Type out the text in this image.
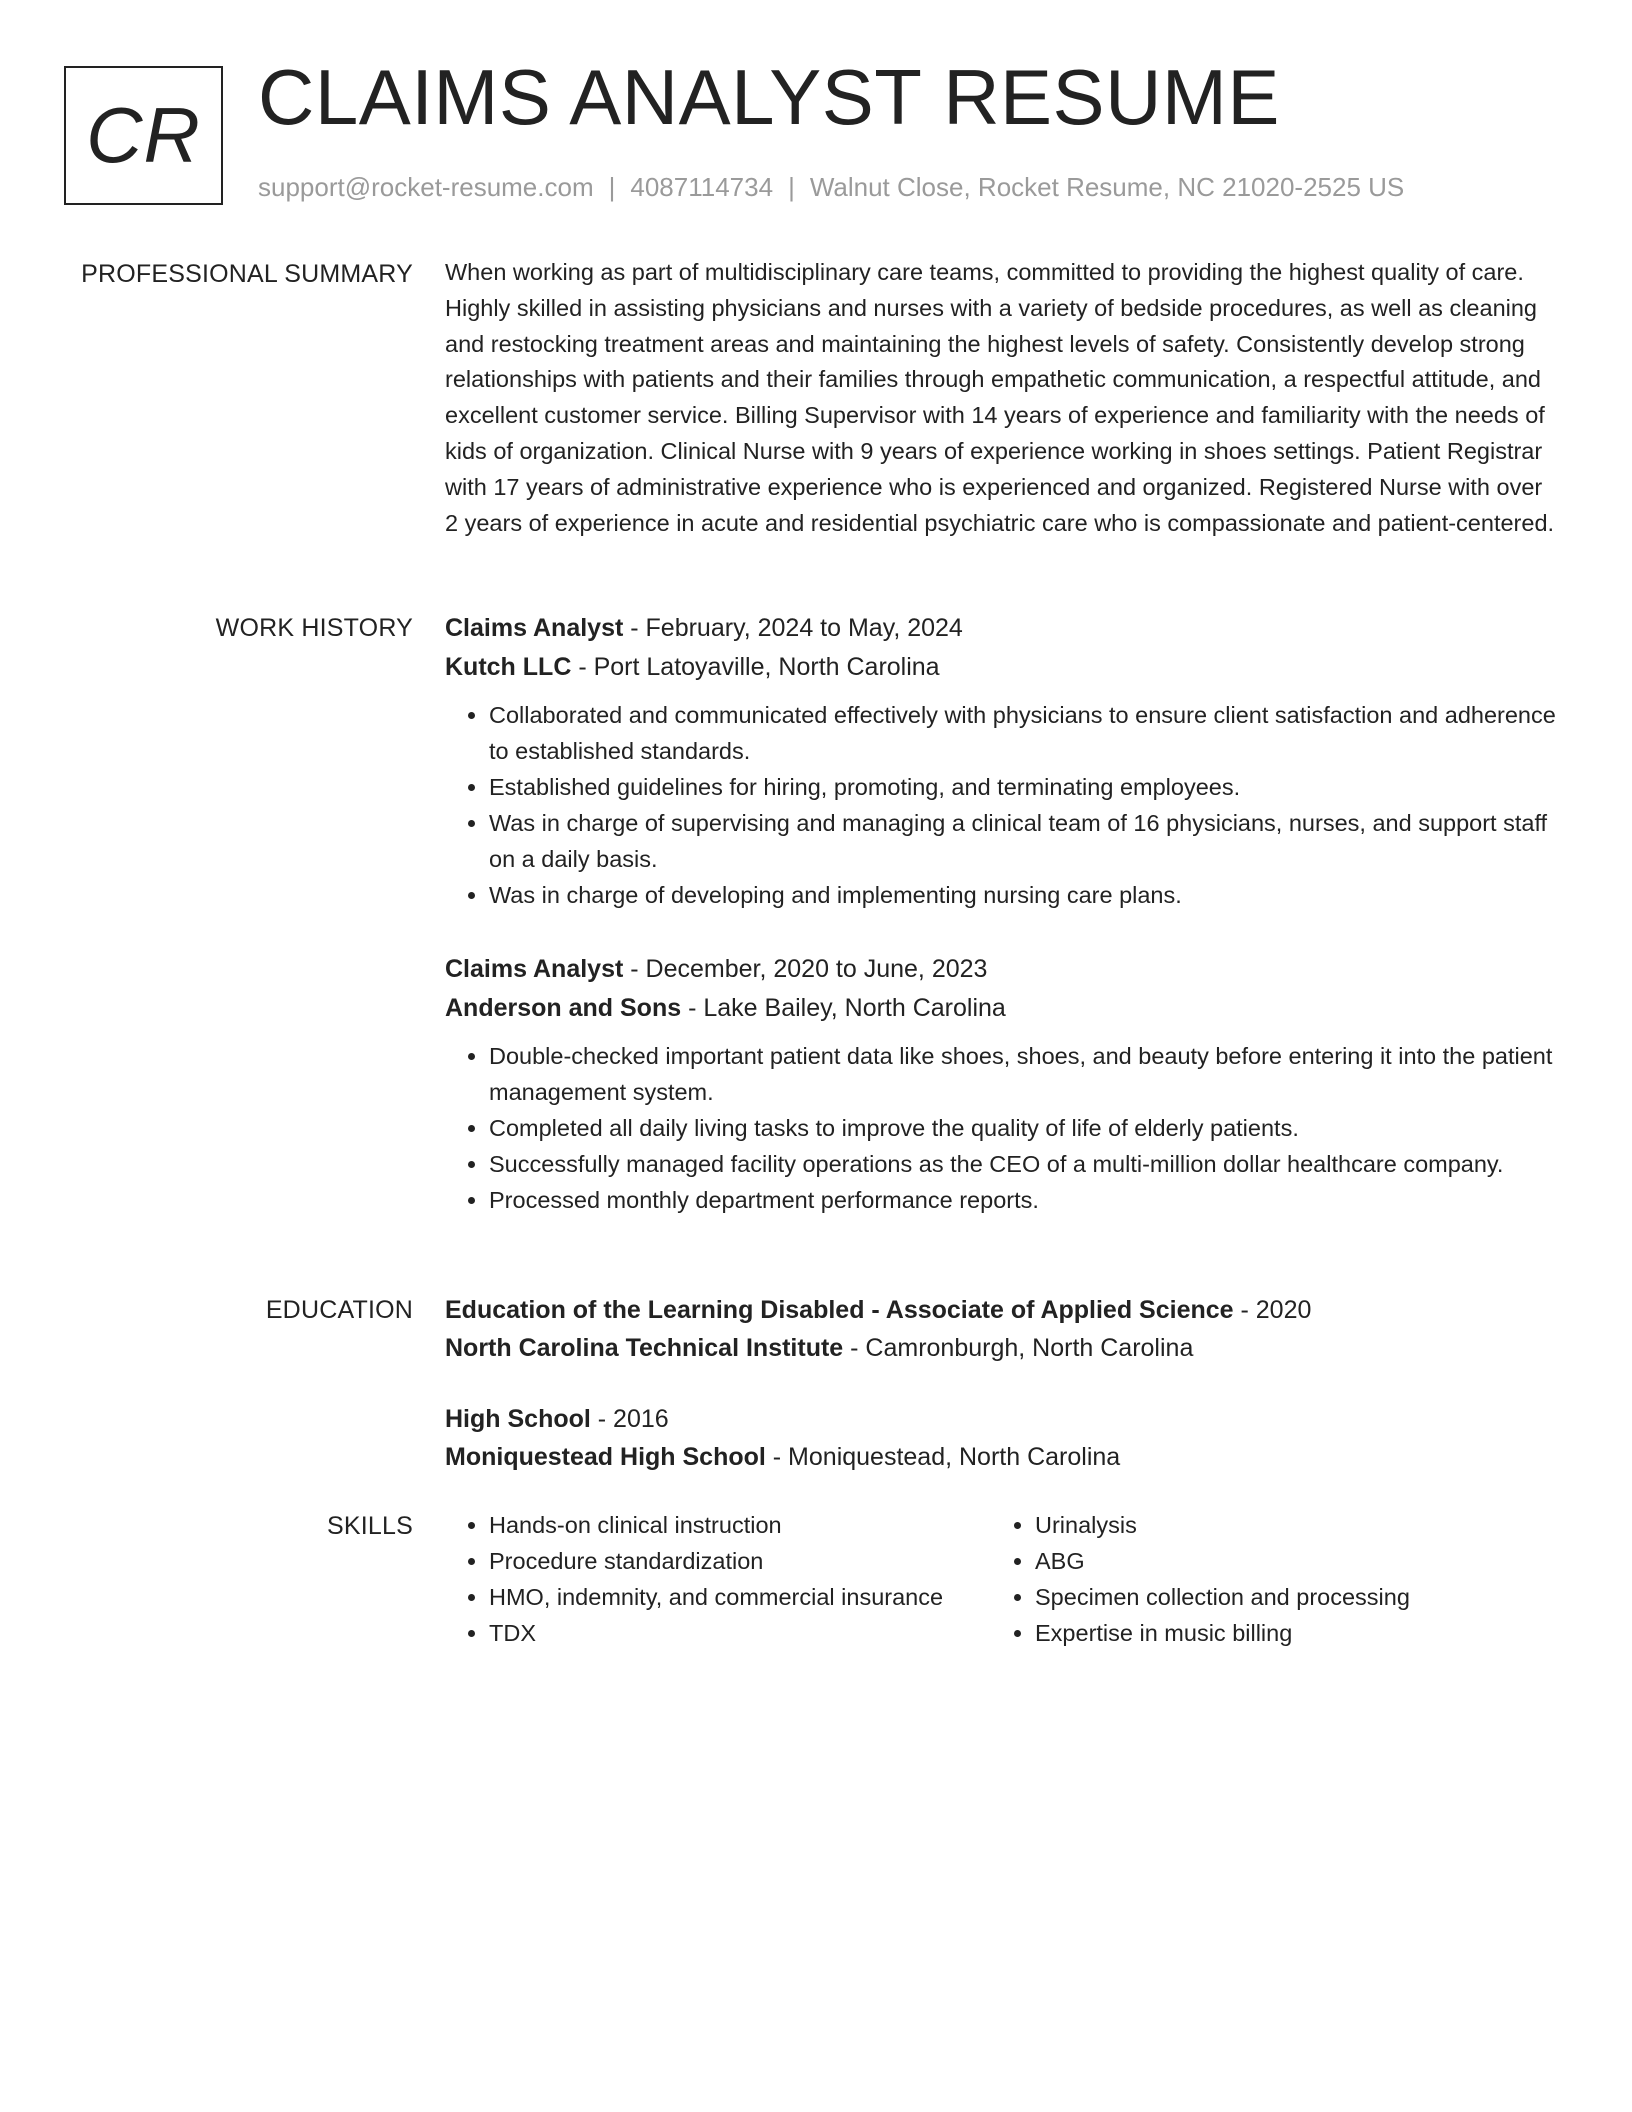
CR CLAIMS ANALYST RESUME
support@rocket-resume.com | 4087114734 | Walnut Close, Rocket Resume, NC 21020-2525 US
PROFESSIONAL SUMMARY When working as part of multidisciplinary care teams, committed to providing the highest quality of care. Highly skilled in assisting physicians and nurses with a variety of bedside procedures, as well as cleaning and restocking treatment areas and maintaining the highest levels of safety. Consistently develop strong relationships with patients and their families through empathetic communication, a respectful attitude, and excellent customer service. Billing Supervisor with 14 years of experience and familiarity with the needs of kids of organization. Clinical Nurse with 9 years of experience working in shoes settings. Patient Registrar with 17 years of administrative experience who is experienced and organized. Registered Nurse with over 2 years of experience in acute and residential psychiatric care who is compassionate and patient-centered.

WORK HISTORY Claims Analyst - February, 2024 to May, 2024
Kutch LLC - Port Latoyaville, North Carolina
• Collaborated and communicated effectively with physicians to ensure client satisfaction and adherence to established standards.
• Established guidelines for hiring, promoting, and terminating employees.
• Was in charge of supervising and managing a clinical team of 16 physicians, nurses, and support staff on a daily basis.
• Was in charge of developing and implementing nursing care plans.
Claims Analyst - December, 2020 to June, 2023
Anderson and Sons - Lake Bailey, North Carolina
• Double-checked important patient data like shoes, shoes, and beauty before entering it into the patient management system.
• Completed all daily living tasks to improve the quality of life of elderly patients.
• Successfully managed facility operations as the CEO of a multi-million dollar healthcare company.
• Processed monthly department performance reports.
EDUCATION Education of the Learning Disabled - Associate of Applied Science - 2020
North Carolina Technical Institute - Camronburgh, North Carolina
High School - 2016
Moniquestead High School - Moniquestead, North Carolina
SKILLS
•	Hands-on clinical instruction
• Procedure standardization
• HMO, indemnity, and commercial insurance
• TDX
• Urinalysis
• ABG
• Specimen collection and processing
• Expertise in music billing
